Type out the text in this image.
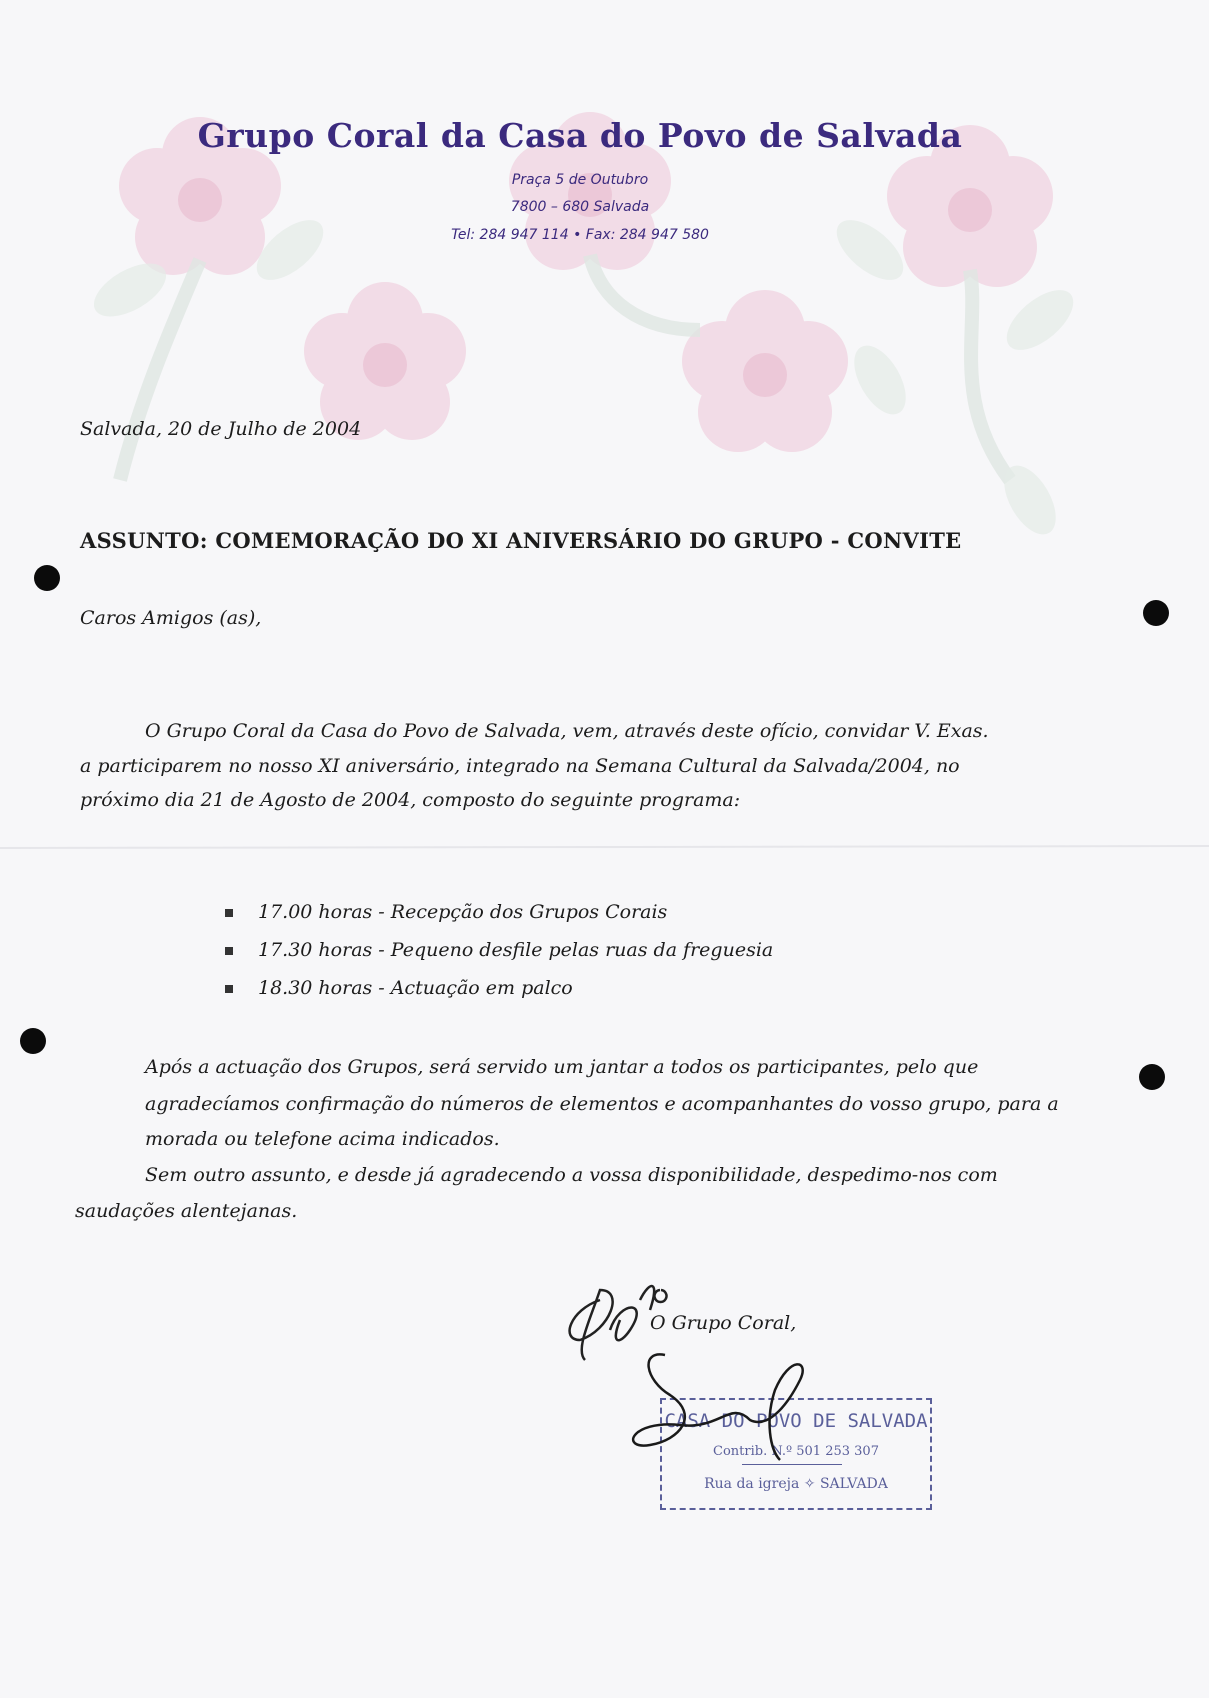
Grupo Coral da Casa do Povo de Salvada
Praça 5 de Outubro
7800 – 680 Salvada
Tel: 284 947 114 • Fax: 284 947 580
Salvada, 20 de Julho de 2004
ASSUNTO: COMEMORAÇÃO DO XI ANIVERSÁRIO DO GRUPO - CONVITE
Caros Amigos (as),
O Grupo Coral da Casa do Povo de Salvada, vem, através deste ofício, convidar V. Exas.
a participarem no nosso XI aniversário, integrado na Semana Cultural da Salvada/2004, no
próximo dia 21 de Agosto de 2004, composto do seguinte programa:
17.00 horas - Recepção dos Grupos Corais
17.30 horas - Pequeno desfile pelas ruas da freguesia
18.30 horas - Actuação em palco
Após a actuação dos Grupos, será servido um jantar a todos os participantes, pelo que
agradecíamos confirmação do números de elementos e acompanhantes do vosso grupo, para a
morada ou telefone acima indicados.
Sem outro assunto, e desde já agradecendo a vossa disponibilidade, despedimo-nos com
saudações alentejanas.
O Grupo Coral,
CASA DO POVO DE SALVADA
Contrib. N.º 501 253 307
Rua da igreja ✧ SALVADA
